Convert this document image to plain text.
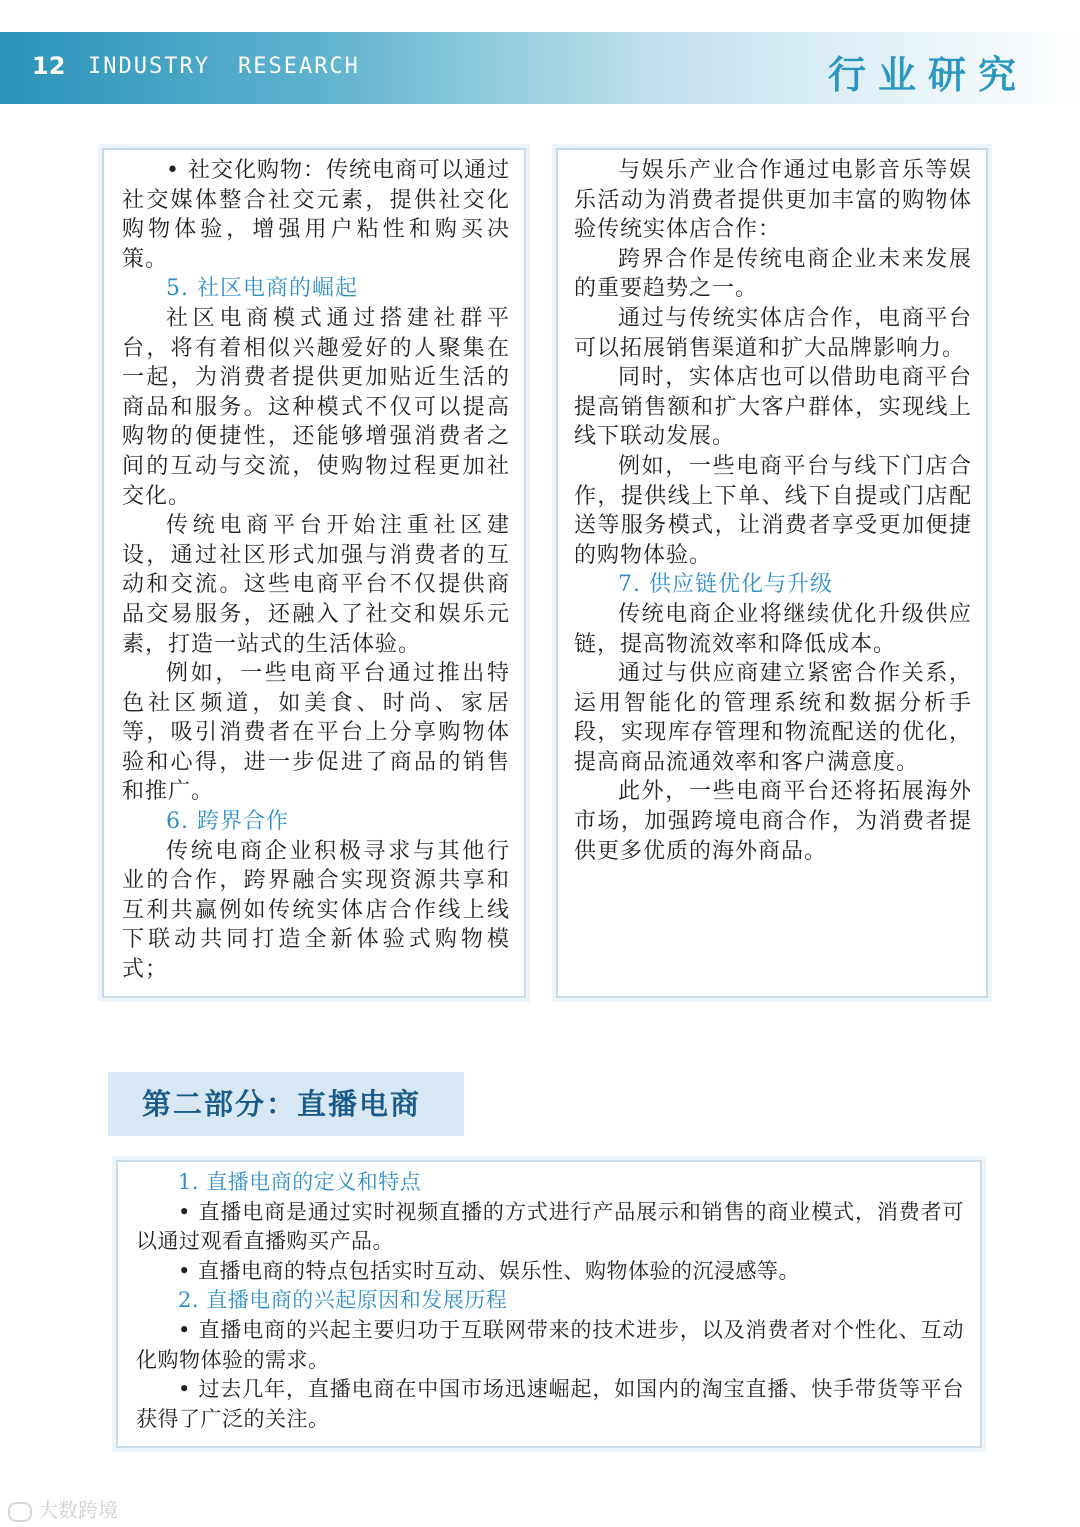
12 INDUSTRY RESEARCH	行业研究

• 社交化购物：传统电商可以通过社交媒体整合社交元素，提供社交化购物体验，增强用户粘性和购买决策。

5. 社区电商的崛起

社区电商模式通过搭建社群平台，将有着相似兴趣爱好的人聚集在一起，为消费者提供更加贴近生活的商品和服务。这种模式不仅可以提高购物的便捷性，还能够增强消费者之间的互动与交流，使购物过程更加社交化。

传统电商平台开始注重社区建设，通过社区形式加强与消费者的互动和交流。这些电商平台不仅提供商品交易服务，还融入了社交和娱乐元素，打造一站式的生活体验。

例如，一些电商平台通过推出特色社区频道，如美食、时尚、家居等，吸引消费者在平台上分享购物体验和心得，进一步促进了商品的销售和推广。

6. 跨界合作

传统电商企业积极寻求与其他行业的合作，跨界融合实现资源共享和互利共赢例如传统实体店合作线上线下联动共同打造全新体验式购物模式；

与娱乐产业合作通过电影音乐等娱乐活动为消费者提供更加丰富的购物体验传统实体店合作：

跨界合作是传统电商企业未来发展的重要趋势之一。

通过与传统实体店合作，电商平台可以拓展销售渠道和扩大品牌影响力。

同时，实体店也可以借助电商平台提高销售额和扩大客户群体，实现线上线下联动发展。

例如，一些电商平台与线下门店合作，提供线上下单、线下自提或门店配送等服务模式，让消费者享受更加便捷的购物体验。

7. 供应链优化与升级

传统电商企业将继续优化升级供应链，提高物流效率和降低成本。

通过与供应商建立紧密合作关系，运用智能化的管理系统和数据分析手段，实现库存管理和物流配送的优化，提高商品流通效率和客户满意度。

此外，一些电商平台还将拓展海外市场，加强跨境电商合作，为消费者提供更多优质的海外商品。

第二部分：直播电商

1. 直播电商的定义和特点

• 直播电商是通过实时视频直播的方式进行产品展示和销售的商业模式，消费者可以通过观看直播购买产品。

• 直播电商的特点包括实时互动、娱乐性、购物体验的沉浸感等。

2. 直播电商的兴起原因和发展历程

• 直播电商的兴起主要归功于互联网带来的技术进步，以及消费者对个性化、互动化购物体验的需求。

• 过去几年，直播电商在中国市场迅速崛起，如国内的淘宝直播、快手带货等平台获得了广泛的关注。

大数跨境
